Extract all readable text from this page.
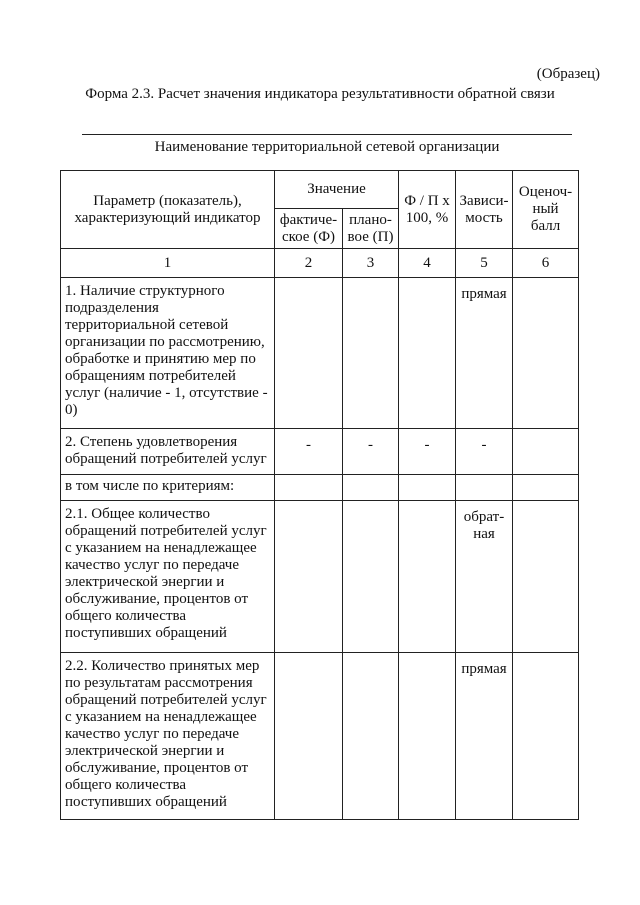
(Образец)
Форма 2.3. Расчет значения индикатора результативности обратной связи
Наименование территориальной сетевой организации
Параметр (показатель), характеризующий индикатор	Значение		Ф / П х 100, %	Зависи-мость	Оценоч-ный балл
	фактиче-ское (Ф)	плано-вое (П)			
1	2	3	4	5	6
1. Наличие структурного подразделения территориальной сетевой организации по рассмотрению, обработке и принятию мер по обращениям потребителей услуг (наличие - 1, отсутствие - 0)				прямая	
2. Степень удовлетворения обращений потребителей услуг	-	-	-	-	
в том числе по критериям:					
2.1. Общее количество обращений потребителей услуг с указанием на ненадлежащее качество услуг по передаче электрической энергии и обслуживание, процентов от общего количества поступивших обращений				обрат-ная	
2.2. Количество принятых мер по результатам рассмотрения обращений потребителей услуг с указанием на ненадлежащее качество услуг по передаче электрической энергии и обслуживание, процентов от общего количества поступивших обращений				прямая	
